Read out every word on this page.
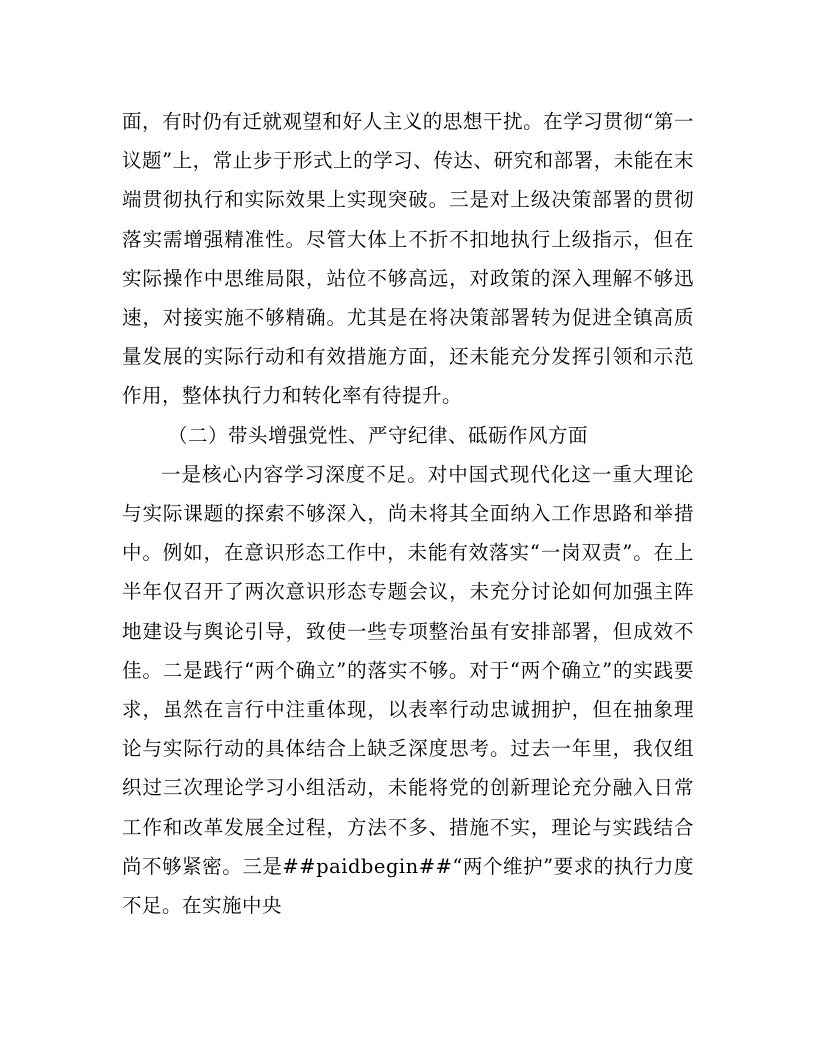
面，有时仍有迁就观望和好人主义的思想干扰。在学习贯彻“第一议题”上，常止步于形式上的学习、传达、研究和部署，未能在末端贯彻执行和实际效果上实现突破。三是对上级决策部署的贯彻落实需增强精准性。尽管大体上不折不扣地执行上级指示，但在实际操作中思维局限，站位不够高远，对政策的深入理解不够迅速，对接实施不够精确。尤其是在将决策部署转为促进全镇高质量发展的实际行动和有效措施方面，还未能充分发挥引领和示范作用，整体执行力和转化率有待提升。

（二）带头增强党性、严守纪律、砥砺作风方面

一是核心内容学习深度不足。对中国式现代化这一重大理论与实际课题的探索不够深入，尚未将其全面纳入工作思路和举措中。例如，在意识形态工作中，未能有效落实“一岗双责”。在上半年仅召开了两次意识形态专题会议，未充分讨论如何加强主阵地建设与舆论引导，致使一些专项整治虽有安排部署，但成效不佳。二是践行“两个确立”的落实不够。对于“两个确立”的实践要求，虽然在言行中注重体现，以表率行动忠诚拥护，但在抽象理论与实际行动的具体结合上缺乏深度思考。过去一年里，我仅组织过三次理论学习小组活动，未能将党的创新理论充分融入日常工作和改革发展全过程，方法不多、措施不实，理论与实践结合尚不够紧密。三是##paidbegin##“两个维护”要求的执行力度不足。在实施中央
